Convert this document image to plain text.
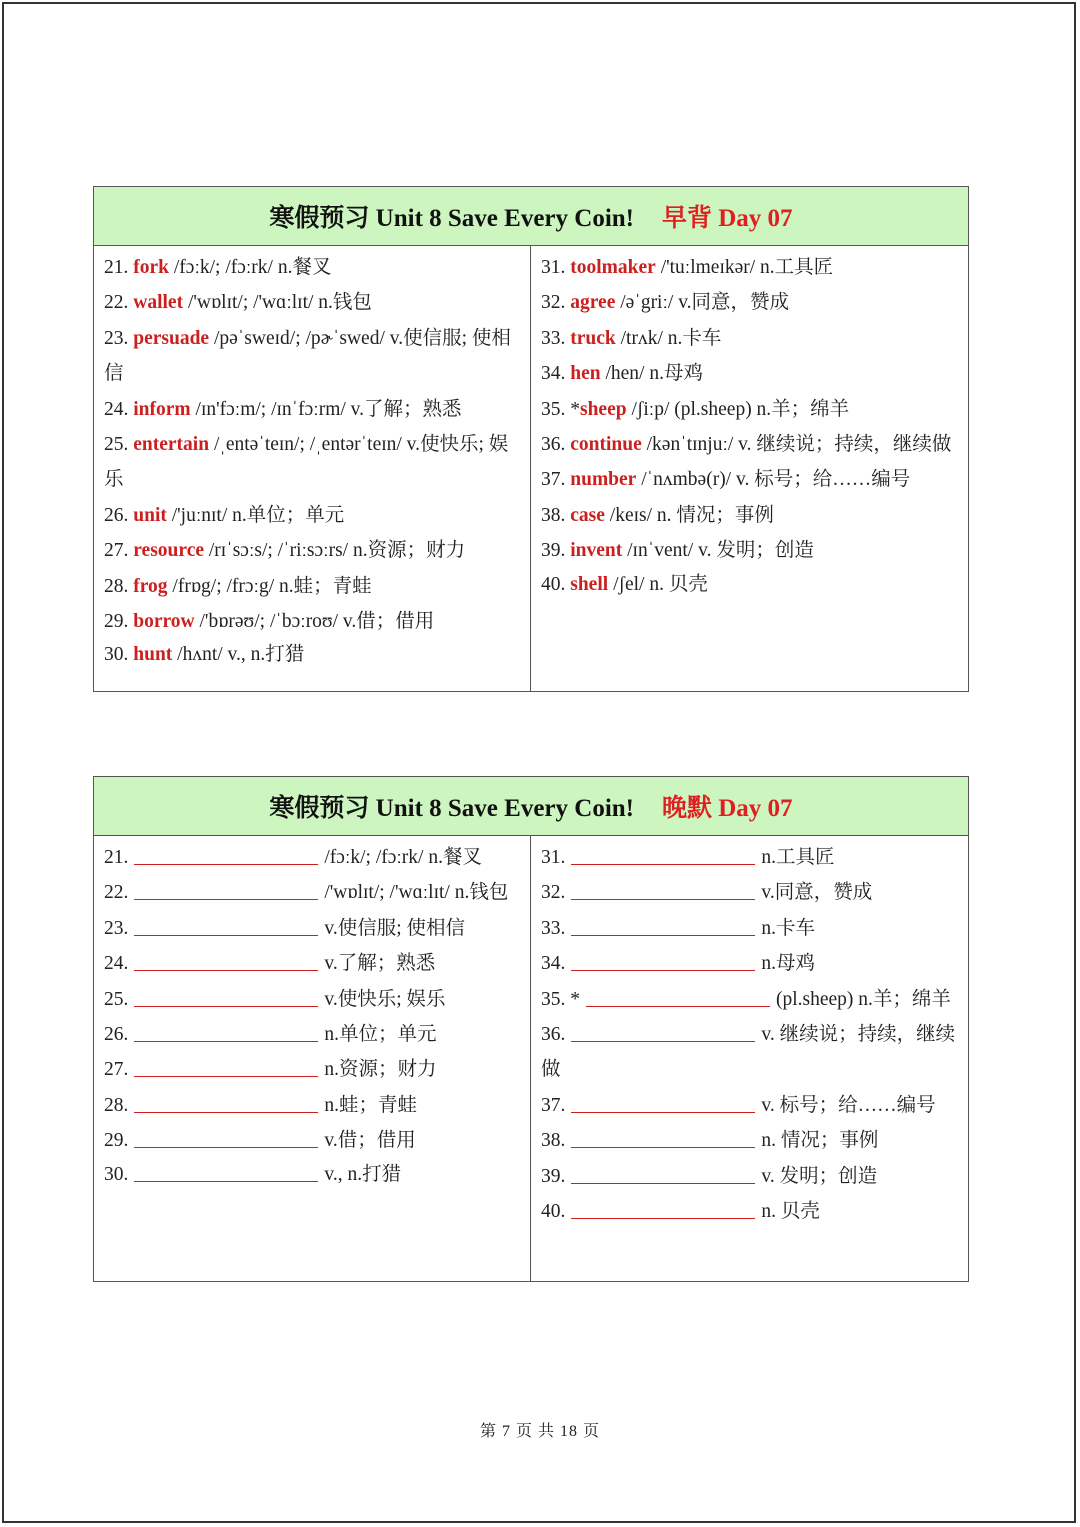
寒假预习 Unit 8 Save Every Coin! 早背 Day 07
21. fork /fɔːk/; /fɔːrk/ n.餐叉
22. wallet /'wɒlɪt/; /'wɑːlɪt/ n.钱包
23. persuade /pəˈsweɪd/; /pɚˈswed/ v.使信服; 使相信
24. inform /ɪn'fɔːm/; /ɪnˈfɔːrm/ v.了解；熟悉
25. entertain /ˌentəˈteɪn/; /ˌentərˈteɪn/ v.使快乐; 娱乐
26. unit /'juːnɪt/ n.单位；单元
27. resource /rɪˈsɔːs/; /ˈriːsɔːrs/ n.资源；财力
28. frog /frɒg/; /frɔːg/ n.蛙；青蛙
29. borrow /'bɒrəʊ/; /ˈbɔːroʊ/ v.借；借用
30. hunt /hʌnt/ v., n.打猎
31. toolmaker /'tuːlmeɪkər/ n.工具匠
32. agree /əˈgriː/ v.同意，赞成
33. truck /trʌk/ n.卡车
34. hen /hen/ n.母鸡
35. *sheep /ʃiːp/ (pl.sheep) n.羊；绵羊
36. continue /kənˈtɪnjuː/ v. 继续说；持续，继续做
37. number /ˈnʌmbə(r)/ v. 标号；给……编号
38. case /keɪs/ n. 情况；事例
39. invent /ɪnˈvent/ v. 发明；创造
40. shell /ʃel/ n. 贝壳
寒假预习 Unit 8 Save Every Coin! 晚默 Day 07
21.	/fɔːk/; /fɔːrk/ n.餐叉
22.	/'wɒlɪt/; /'wɑːlɪt/ n.钱包
23.	v.使信服; 使相信
24.	v.了解；熟悉
25.	v.使快乐; 娱乐
26.	n.单位；单元
27.	n.资源；财力
28.	n.蛙；青蛙
29.	v.借；借用
30.	v., n.打猎
31.	n.工具匠
32.	v.同意，赞成
33.	n.卡车
34.	n.母鸡
35. *	(pl.sheep) n.羊；绵羊
36.	v. 继续说；持续，继续做
37.	v. 标号；给……编号
38.	n. 情况；事例
39.	v. 发明；创造
40.	n. 贝壳
第 7 页 共 18 页
